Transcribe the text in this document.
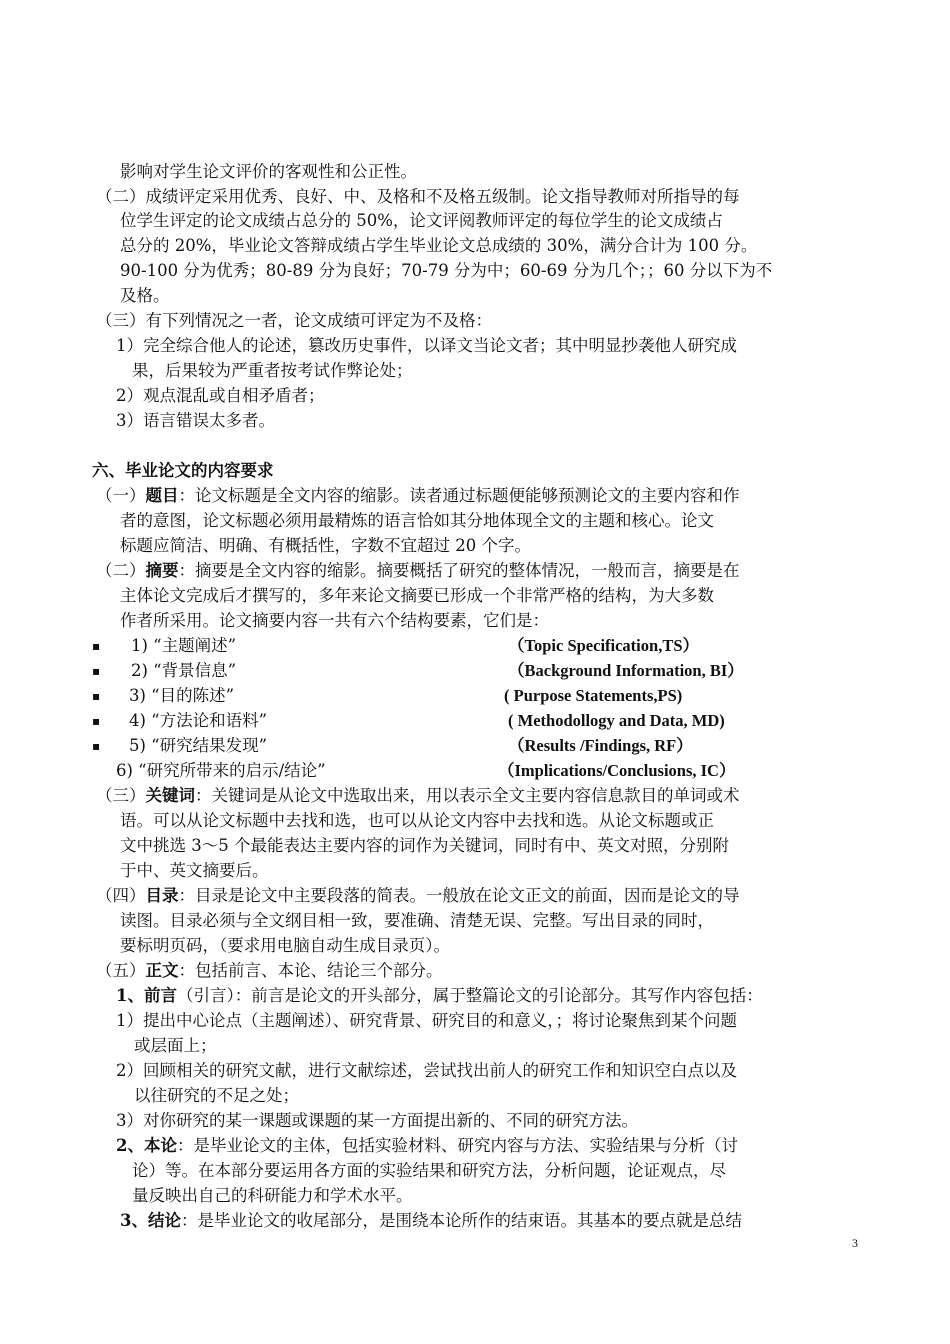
影响对学生论文评价的客观性和公正性。
（二）成绩评定采用优秀、良好、中、及格和不及格五级制。论文指导教师对所指导的每
位学生评定的论文成绩占总分的 50%，论文评阅教师评定的每位学生的论文成绩占
总分的 20%，毕业论文答辩成绩占学生毕业论文总成绩的 30%，满分合计为 100 分。
90-100 分为优秀；80-89 分为良好；70-79 分为中；60-69 分为几个；；60 分以下为不
及格。
（三）有下列情况之一者，论文成绩可评定为不及格：
1）完全综合他人的论述，篡改历史事件，以译文当论文者；其中明显抄袭他人研究成
果，后果较为严重者按考试作弊论处；
2）观点混乱或自相矛盾者；
3）语言错误太多者。
六、毕业论文的内容要求
（一）题目：论文标题是全文内容的缩影。读者通过标题便能够预测论文的主要内容和作
者的意图，论文标题必须用最精炼的语言恰如其分地体现全文的主题和核心。论文
标题应简洁、明确、有概括性，字数不宜超过 20 个字。
（二）摘要：摘要是全文内容的缩影。摘要概括了研究的整体情况，一般而言，摘要是在
主体论文完成后才撰写的，多年来论文摘要已形成一个非常严格的结构，为大多数
作者所采用。论文摘要内容一共有六个结构要素，它们是：
▪ 1) “主题阐述”	（Topic Specification,TS）
▪ 2) “背景信息”	（Background Information, BI）
▪ 3) “目的陈述”	( Purpose Statements,PS)
▪ 4) “方法论和语料”	( Methodollogy and Data, MD)
▪ 5) “研究结果发现”	（Results /Findings, RF）
6) “研究所带来的启示/结论”	（Implications/Conclusions, IC）
（三）关键词：关键词是从论文中选取出来，用以表示全文主要内容信息款目的单词或术
语。可以从论文标题中去找和选，也可以从论文内容中去找和选。从论文标题或正
文中挑选 3～5 个最能表达主要内容的词作为关键词，同时有中、英文对照，分别附
于中、英文摘要后。
（四）目录：目录是论文中主要段落的简表。一般放在论文正文的前面，因而是论文的导
读图。目录必须与全文纲目相一致，要准确、清楚无误、完整。写出目录的同时，
要标明页码，（要求用电脑自动生成目录页）。
（五）正文：包括前言、本论、结论三个部分。
1、前言（引言）：前言是论文的开头部分，属于整篇论文的引论部分。其写作内容包括：
1）提出中心论点（主题阐述）、研究背景、研究目的和意义，；将讨论聚焦到某个问题
或层面上；
2）回顾相关的研究文献，进行文献综述，尝试找出前人的研究工作和知识空白点以及
以往研究的不足之处；
3）对你研究的某一课题或课题的某一方面提出新的、不同的研究方法。
2、本论：是毕业论文的主体，包括实验材料、研究内容与方法、实验结果与分析（讨
论）等。在本部分要运用各方面的实验结果和研究方法，分析问题，论证观点，尽
量反映出自己的科研能力和学术水平。
3、结论：是毕业论文的收尾部分，是围绕本论所作的结束语。其基本的要点就是总结
3
